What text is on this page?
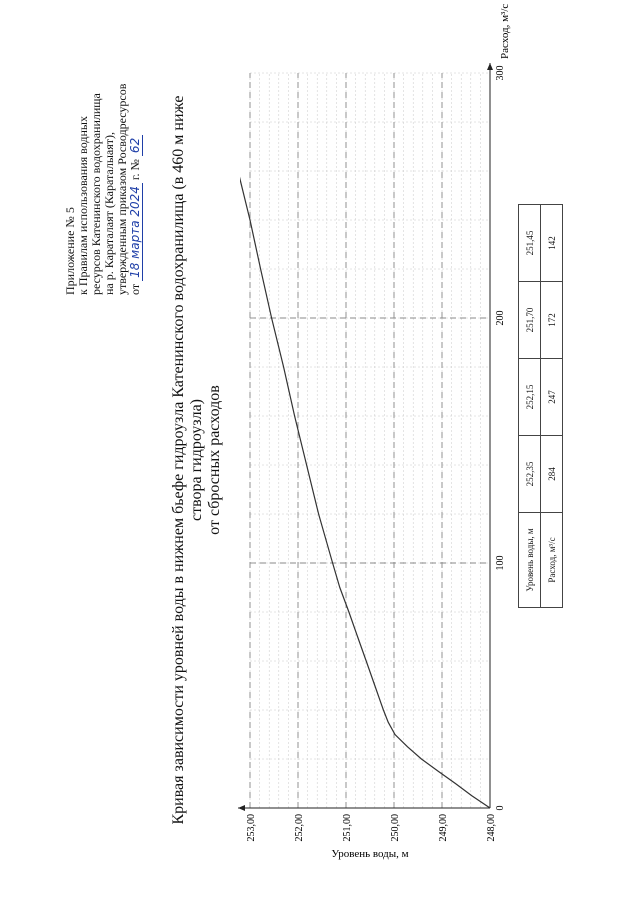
Приложение № 5 к Правилам использования водных ресурсов Катенинского водохранилища на р. Караталаят (Караталыаят), утвержденным приказом Росводресурсов от 18 марта 2024 г. № 62 Кривая зависимости уровней воды в нижнем бьефе гидроузла Катенинского водохранилища (в 460 м ниже створа гидроузла) от сбросных расходов
0
100
200
300
248,00
249,00
250,00
251,00
252,00
253,00
Уровень воды, м
Расход, м³/с
Уровень воды, м	252,35	252,15	251,70	251,45
Расход, м³/с	284	247	172	142
